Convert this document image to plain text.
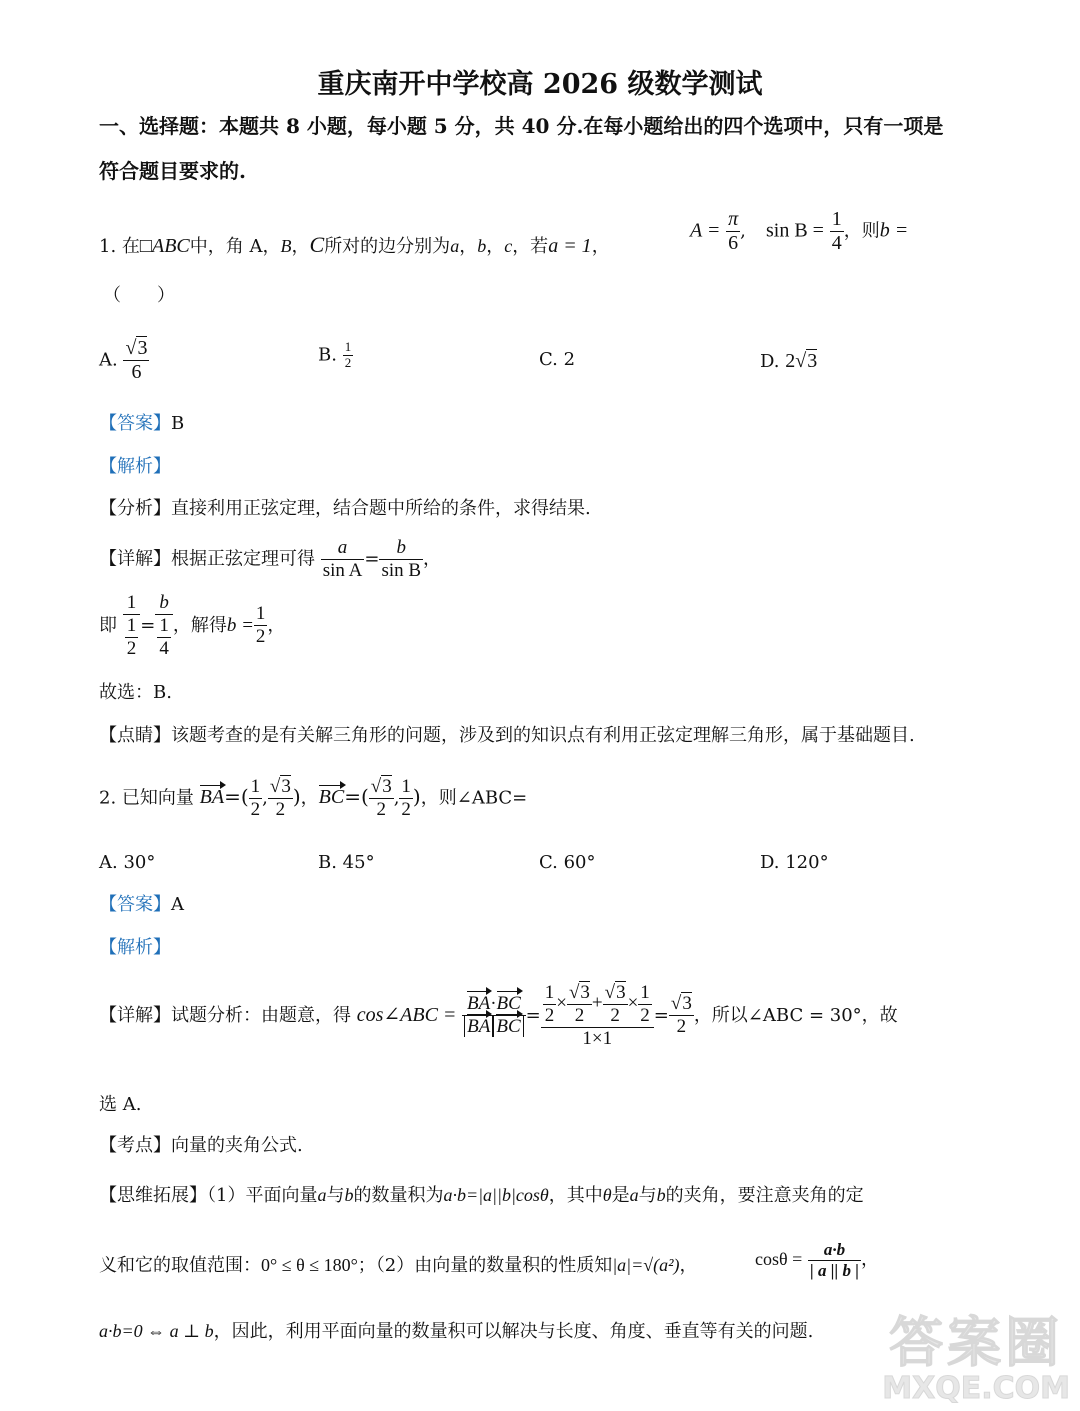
重庆南开中学校高 2026 级数学测试
一、选择题：本题共 8 小题，每小题 5 分，共 40 分.在每小题给出的四个选项中，只有一项是
符合题目要求的.
1. 在□ABC中，角 A，B，C所对的边分别为a，b，c，若a = 1，
$A = \frac{\pi}{6}$ , $\sin B = \frac{1}{4}$ ，则b =
（　　）
A. $\frac{√3}{6}$	B. $\frac{1}{2}$	C. 2	D. 2√3
【答案】B
【解析】
【分析】直接利用正弦定理，结合题中所给的条件，求得结果.
【详解】根据正弦定理可得 $\frac{a}{\text{sin A}} = \frac{b}{\text{sin B}}$ ，
即 $\frac{1}{\frac{1}{2}} = \frac{b}{\frac{1}{4}}$ ，解得$b = \frac{1}{2}$ ，
故选：B.
【点睛】该题考查的是有关解三角形的问题，涉及到的知识点有利用正弦定理解三角形，属于基础题目.
2. 已知向量 $BA=( \frac{1}{2}$ , $\frac{√3}{2}$ )，$BC=( \frac{√3}{2}$ , $\frac{1}{2}$ )，则∠ABC=
A. 30°	B. 45°	C. 60°	D. 120°
【答案】A
【解析】
【详解】试题分析：由题意，得 cos∠ABC = $\frac{BA\cdot BC}{\text{BA BC}} = \frac{\frac{1}{2} \times \frac{√3}{2} + \frac{√3}{2} \times \frac{1}{2}}{1\times 1} = \frac{√3}{2}$ ，所以∠ABC = 30°，故
选 A.
【考点】向量的夹角公式.
【思维拓展】（1）平面向量a与b的数量积为a·b=|a||b|cosθ，其中θ是a与b的夹角，要注意夹角的定
义和它的取值范围：0° ≤ θ ≤ 180°；（2）由向量的数量积的性质知|a|=√(a²)，	$\cos\theta = \frac{a\cdot b}{| a || b |}$ ，
a·b=0 ⇔ a ⊥ b，因此，利用平面向量的数量积可以解决与长度、角度、垂直等有关的问题. 答案圈
MXQE.COM
